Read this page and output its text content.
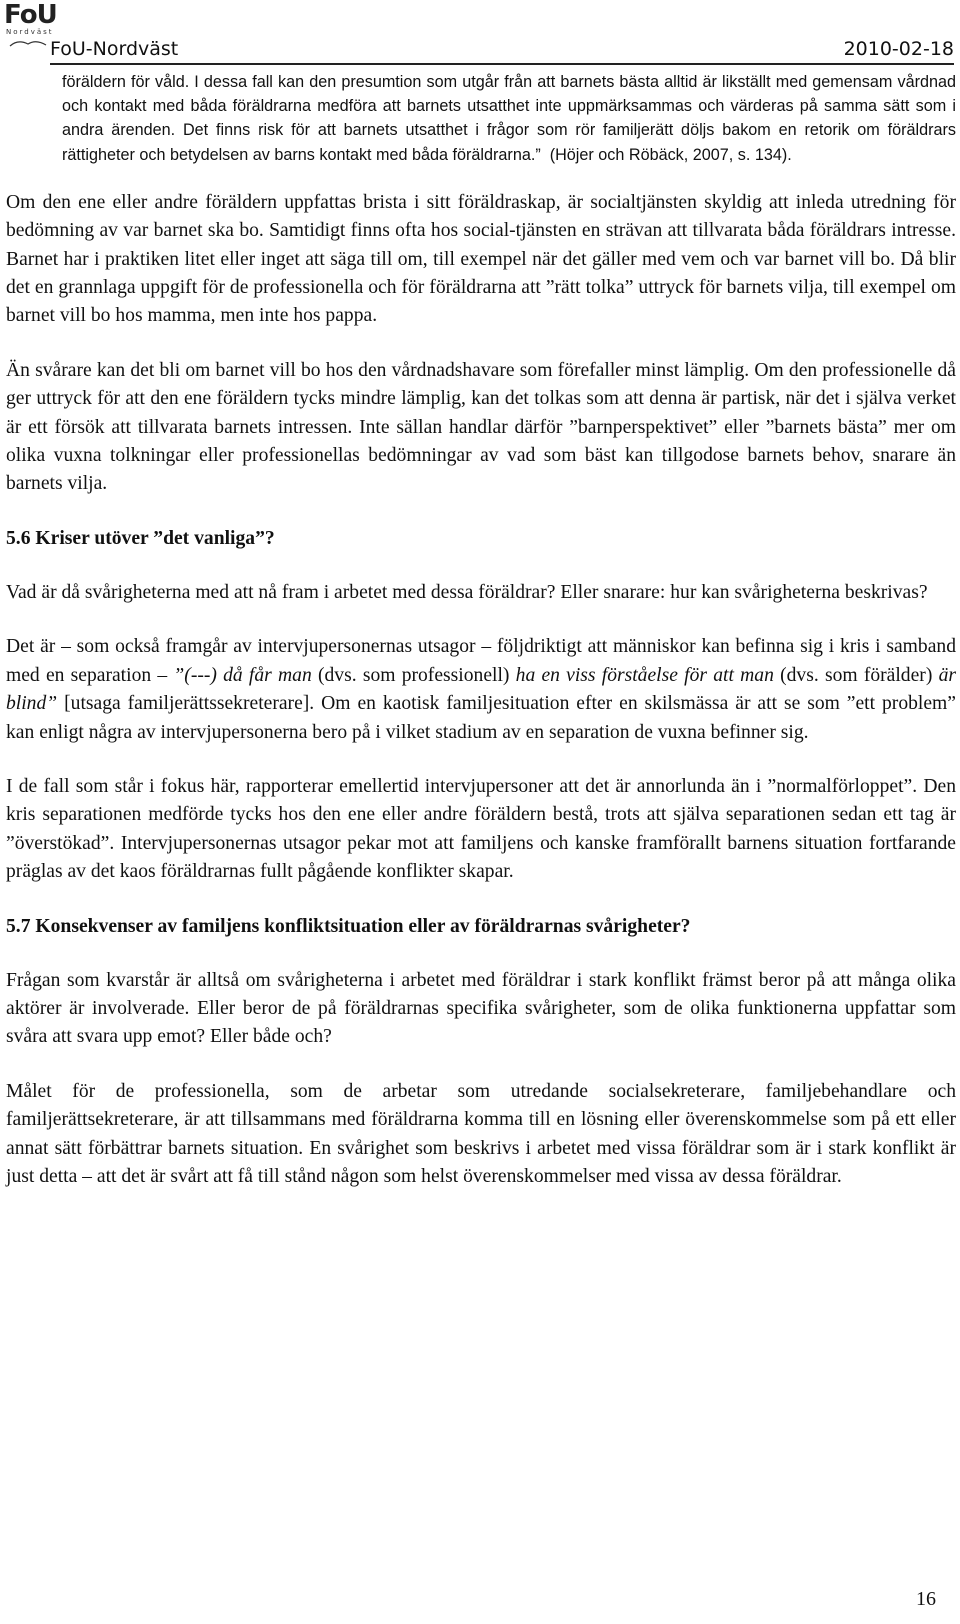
FoU
Nordväst
FoU-Nordväst	2010-02-18

föräldern för våld. I dessa fall kan den presumtion som utgår från att barnets bästa alltid är likställt med gemensam vårdnad och kontakt med båda föräldrarna medföra att barnets utsatthet inte uppmärksammas och värderas på samma sätt som i andra ärenden. Det finns risk för att barnets utsatthet i frågor som rör familjerätt döljs bakom en retorik om föräldrars rättigheter och betydelsen av barns kontakt med båda föräldrarna.” (Höjer och Röbäck, 2007, s. 134).

Om den ene eller andre föräldern uppfattas brista i sitt föräldraskap, är socialtjänsten skyldig att inleda utredning för bedömning av var barnet ska bo. Samtidigt finns ofta hos social-tjänsten en strävan att tillvarata båda föräldrars intresse. Barnet har i praktiken litet eller inget att säga till om, till exempel när det gäller med vem och var barnet vill bo. Då blir det en grannlaga uppgift för de professionella och för föräldrarna att ”rätt tolka” uttryck för barnets vilja, till exempel om barnet vill bo hos mamma, men inte hos pappa.

Än svårare kan det bli om barnet vill bo hos den vårdnadshavare som förefaller minst lämplig. Om den professionelle då ger uttryck för att den ene föräldern tycks mindre lämplig, kan det tolkas som att denna är partisk, när det i själva verket är ett försök att tillvarata barnets intressen. Inte sällan handlar därför ”barnperspektivet” eller ”barnets bästa” mer om olika vuxna tolkningar eller professionellas bedömningar av vad som bäst kan tillgodose barnets behov, snarare än barnets vilja.

5.6 Kriser utöver ”det vanliga”?

Vad är då svårigheterna med att nå fram i arbetet med dessa föräldrar? Eller snarare: hur kan svårigheterna beskrivas?

Det är – som också framgår av intervjupersonernas utsagor – följdriktigt att människor kan befinna sig i kris i samband med en separation – ”(---) då får man (dvs. som professionell) ha en viss förståelse för att man (dvs. som förälder) är blind” [utsaga familjerättssekreterare]. Om en kaotisk familjesituation efter en skilsmässa är att se som ”ett problem” kan enligt några av intervjupersonerna bero på i vilket stadium av en separation de vuxna befinner sig.

I de fall som står i fokus här, rapporterar emellertid intervjupersoner att det är annorlunda än i ”normalförloppet”. Den kris separationen medförde tycks hos den ene eller andre föräldern bestå, trots att själva separationen sedan ett tag är ”överstökad”. Intervjupersonernas utsagor pekar mot att familjens och kanske framförallt barnens situation fortfarande präglas av det kaos föräldrarnas fullt pågående konflikter skapar.

5.7 Konsekvenser av familjens konfliktsituation eller av föräldrarnas svårigheter?

Frågan som kvarstår är alltså om svårigheterna i arbetet med föräldrar i stark konflikt främst beror på att många olika aktörer är involverade. Eller beror de på föräldrarnas specifika svårigheter, som de olika funktionerna uppfattar som svåra att svara upp emot? Eller både och?

Målet för de professionella, som de arbetar som utredande socialsekreterare, familjebehandlare och familjerättsekreterare, är att tillsammans med föräldrarna komma till en lösning eller överenskommelse som på ett eller annat sätt förbättrar barnets situation. En svårighet som beskrivs i arbetet med vissa föräldrar som är i stark konflikt är just detta – att det är svårt att få till stånd någon som helst överenskommelser med vissa av dessa föräldrar.

16
